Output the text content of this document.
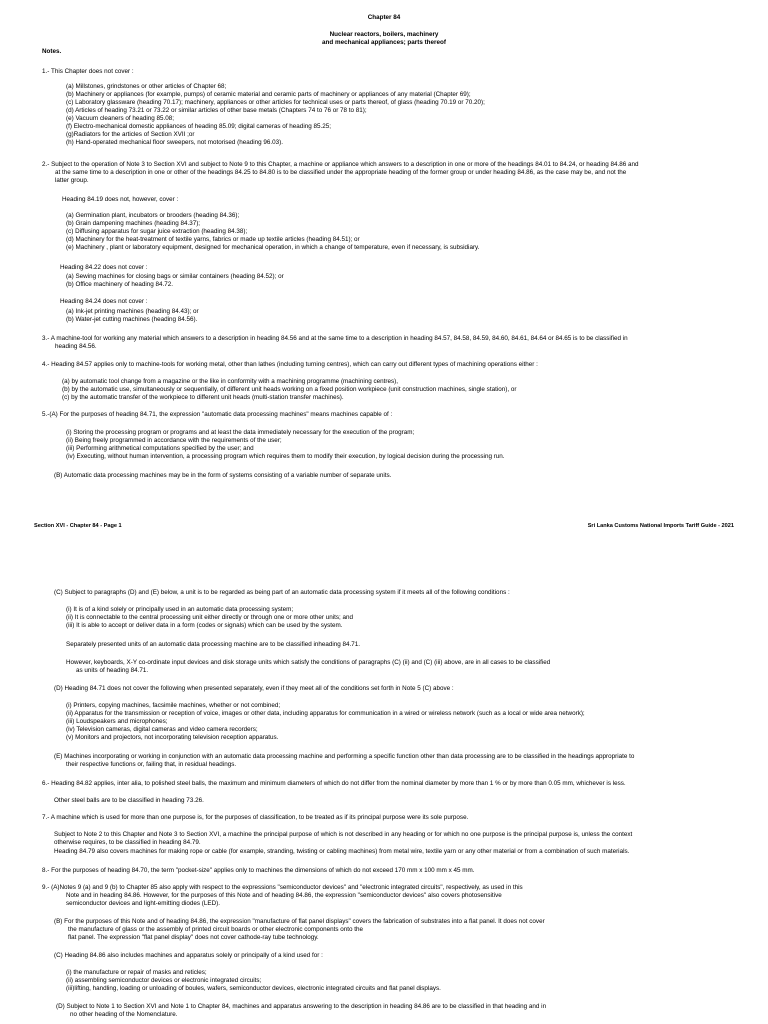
Chapter 84
Nuclear reactors, boilers, machinery
and mechanical appliances; parts thereof
Notes.
1.- This Chapter does not cover :
(a) Millstones, grindstones or other articles of Chapter 68;
(b) Machinery or appliances (for example, pumps) of ceramic material and ceramic parts of machinery or appliances of any material (Chapter 69);
(c) Laboratory glassware (heading 70.17); machinery, appliances or other articles for technical uses or parts thereof, of glass (heading 70.19 or 70.20);
(d) Articles of heading 73.21 or 73.22 or similar articles of other base metals (Chapters 74 to 76 or 78 to 81);
(e) Vacuum cleaners of heading 85.08;
(f) Electro-mechanical domestic appliances of heading 85.09; digital cameras of heading 85.25;
(g)Radiators for the articles of Section XVII ;or
(h) Hand-operated mechanical floor sweepers, not motorised (heading 96.03).
2.- Subject to the operation of Note 3 to Section XVI and subject to Note 9 to this Chapter, a machine or appliance which answers to a description in one or more of the headings 84.01 to 84.24, or heading 84.86 and
at the same time to a description in one or other of the headings 84.25 to 84.80 is to be classified under the appropriate heading of the former group or under heading 84.86, as the case may be, and not the
latter group.
Heading 84.19 does not, however, cover :
(a) Germination plant, incubators or brooders (heading 84.36);
(b) Grain dampening machines (heading 84.37);
(c) Diffusing apparatus for sugar juice extraction (heading 84.38);
(d) Machinery for the heat-treatment of textile yarns, fabrics or made up textile articles (heading 84.51); or
(e) Machinery , plant or laboratory equipment, designed for mechanical operation, in which a change of temperature, even if necessary, is subsidiary.
Heading 84.22 does not cover :
(a) Sewing machines for closing bags or similar containers (heading 84.52); or
(b) Office machinery of heading 84.72.
Heading 84.24 does not cover :
(a) Ink-jet printing machines (heading 84.43); or
(b) Water-jet cutting machines (heading 84.56).
3.- A machine-tool for working any material which answers to a description in heading 84.56 and at the same time to a description in heading 84.57, 84.58, 84.59, 84.60, 84.61, 84.64 or 84.65 is to be classified in
heading 84.56.
4.- Heading 84.57 applies only to machine-tools for working metal, other than lathes (including turning centres), which can carry out different types of machining operations either :
(a) by automatic tool change from a magazine or the like in conformity with a machining programme (machining centres),
(b) by the automatic use, simultaneously or sequentially, of different unit heads working on a fixed position workpiece (unit construction machines, single station), or
(c) by the automatic transfer of the workpiece to different unit heads (multi-station transfer machines).
5.-(A) For the purposes of heading 84.71, the expression "automatic data processing machines" means machines capable of :
(i) Storing the processing program or programs and at least the data immediately necessary for the execution of the program;
(ii) Being freely programmed in accordance with the requirements of the user;
(iii) Performing arithmetical computations specified by the user; and
(iv) Executing, without human intervention, a processing program which requires them to modify their execution, by logical decision during the processing run.
(B) Automatic data processing machines may be in the form of systems consisting of a variable number of separate units.
Section XVI - Chapter 84 - Page 1	Sri Lanka Customs National Imports Tariff Guide - 2021
(C) Subject to paragraphs (D) and (E) below, a unit is to be regarded as being part of an automatic data processing system if it meets all of the following conditions :
(i) It is of a kind solely or principally used in an automatic data processing system;
(ii) It is connectable to the central processing unit either directly or through one or more other units; and
(iii) It is able to accept or deliver data in a form (codes or signals) which can be used by the system.
Separately presented units of an automatic data processing machine are to be classified inheading 84.71.
However, keyboards, X-Y co-ordinate input devices and disk storage units which satisfy the conditions of paragraphs (C) (ii) and (C) (iii) above, are in all cases to be classified
as units of heading 84.71.
(D) Heading 84.71 does not cover the following when presented separately, even if they meet all of the conditions set forth in Note 5 (C) above :
(i) Printers, copying machines, facsimile machines, whether or not combined;
(ii) Apparatus for the transmission or reception of voice, images or other data, including apparatus for communication in a wired or wireless network (such as a local or wide area network);
(iii) Loudspeakers and microphones;
(iv) Television cameras, digital cameras and video camera recorders;
(v) Monitors and projectors, not incorporating television reception apparatus.
(E) Machines incorporating or working in conjunction with an automatic data processing machine and performing a specific function other than data processing are to be classified in the headings appropriate to
their respective functions or, failing that, in residual headings.
6.- Heading 84.82 applies, inter alia, to polished steel balls, the maximum and minimum diameters of which do not differ from the nominal diameter by more than 1 % or by more than 0.05 mm, whichever is less.
Other steel balls are to be classified in heading 73.26.
7.- A machine which is used for more than one purpose is, for the purposes of classification, to be treated as if its principal purpose were its sole purpose.
Subject to Note 2 to this Chapter and Note 3 to Section XVI, a machine the principal purpose of which is not described in any heading or for which no one purpose is the principal purpose is, unless the context
otherwise requires, to be classified in heading 84.79.
Heading 84.79 also covers machines for making rope or cable (for example, stranding, twisting or cabling machines) from metal wire, textile yarn or any other material or from a combination of such materials.
8.- For the purposes of heading 84.70, the term "pocket-size" applies only to machines the dimensions of which do not exceed 170 mm x 100 mm x 45 mm.
9.- (A)Notes 9 (a) and 9 (b) to Chapter 85 also apply with respect to the expressions "semiconductor devices" and "electronic integrated circuits", respectively, as used in this
Note and in heading 84.86. However, for the purposes of this Note and of heading 84.86, the expression "semiconductor devices" also covers photosensitive
semiconductor devices and light-emitting diodes (LED).
(B) For the purposes of this Note and of heading 84.86, the expression "manufacture of flat panel displays" covers the fabrication of substrates into a flat panel. It does not cover
the manufacture of glass or the assembly of printed circuit boards or other electronic components onto the
flat panel. The expression "flat panel display" does not cover cathode-ray tube technology.
(C) Heading 84.86 also includes machines and apparatus solely or principally of a kind used for :
(i) the manufacture or repair of masks and reticles;
(ii) assembling semiconductor devices or electronic integrated circuits;
(iii)lifting, handling, loading or unloading of boules, wafers, semiconductor devices, electronic integrated circuits and flat panel displays.
(D) Subject to Note 1 to Section XVI and Note 1 to Chapter 84, machines and apparatus answering to the description in heading 84.86 are to be classified in that heading and in
no other heading of the Nomenclature.
